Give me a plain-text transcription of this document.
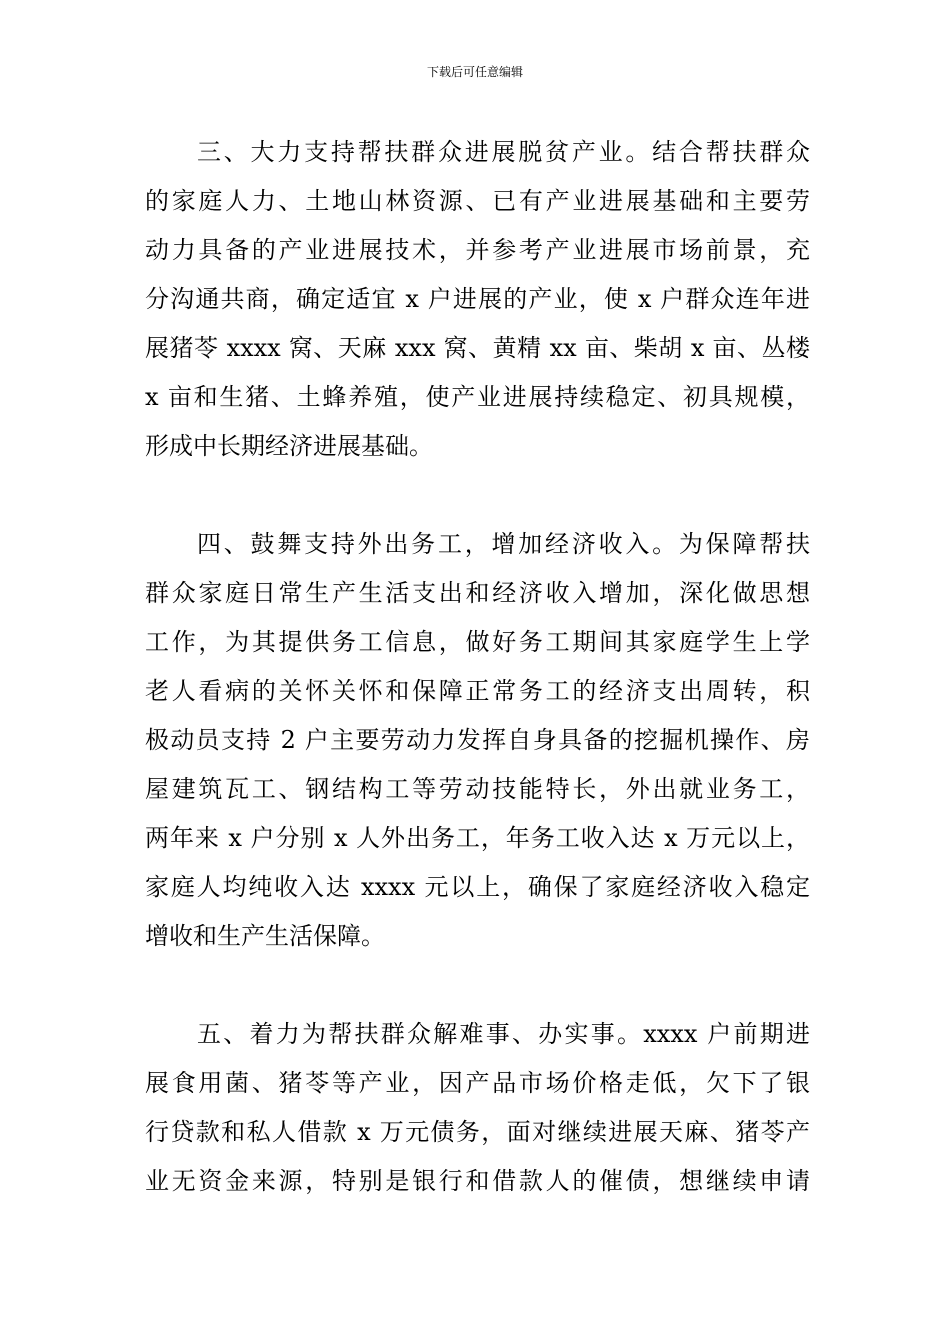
下载后可任意编辑
三、大力支持帮扶群众进展脱贫产业。结合帮扶群众
的家庭人力、土地山林资源、已有产业进展基础和主要劳
动力具备的产业进展技术，并参考产业进展市场前景，充
分沟通共商，确定适宜 x 户进展的产业，使 x 户群众连年进
展猪苓 xxxx 窝、天麻 xxx 窝、黄精 xx 亩、柴胡 x 亩、丛楼
x 亩和生猪、土蜂养殖，使产业进展持续稳定、初具规模，
形成中长期经济进展基础。
四、鼓舞支持外出务工，增加经济收入。为保障帮扶
群众家庭日常生产生活支出和经济收入增加，深化做思想
工作，为其提供务工信息，做好务工期间其家庭学生上学
老人看病的关怀关怀和保障正常务工的经济支出周转，积
极动员支持 2 户主要劳动力发挥自身具备的挖掘机操作、房
屋建筑瓦工、钢结构工等劳动技能特长，外出就业务工，
两年来 x 户分别 x 人外出务工，年务工收入达 x 万元以上，
家庭人均纯收入达 xxxx 元以上，确保了家庭经济收入稳定
增收和生产生活保障。
五、着力为帮扶群众解难事、办实事。xxxx 户前期进
展食用菌、猪苓等产业，因产品市场价格走低，欠下了银
行贷款和私人借款 x 万元债务，面对继续进展天麻、猪苓产
业无资金来源，特别是银行和借款人的催债，想继续申请
